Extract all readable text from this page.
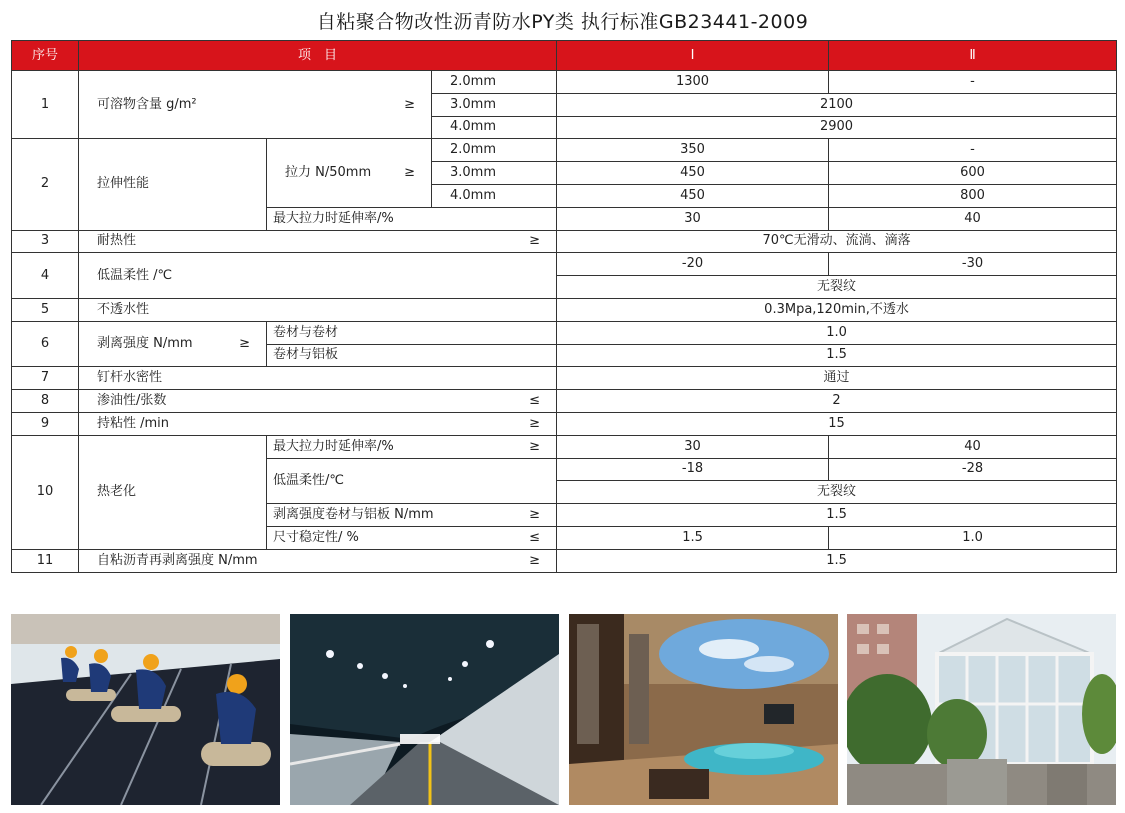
自粘聚合物改性沥青防水PY类 执行标准GB23441-2009
序号	项　目			Ⅰ	Ⅱ
1	可溶物含量 g/m² ≥		2.0mm	1300	-
			3.0mm	2100	
			4.0mm	2900	
2	拉伸性能	拉力 N/50mm ≥	2.0mm	350	-
			3.0mm	450	600
			4.0mm	450	800
		最大拉力时延伸率/%		30	40
3	耐热性 ≥			70℃无滑动、流淌、滴落	
4	低温柔性 /℃			-20	-30
				无裂纹	
5	不透水性			0.3Mpa,120min,不透水	
6	剥离强度 N/mm ≥	卷材与卷材		1.0	
		卷材与铝板		1.5	
7	钉杆水密性			通过	
8	渗油性/张数 ≤			2	
9	持粘性 /min ≥			15	
10	热老化	最大拉力时延伸率/% ≥		30	40
		低温柔性/℃		-18	-28
				无裂纹	
		剥离强度卷材与铝板 N/mm ≥		1.5	
		尺寸稳定性/ % ≤		1.5	1.0
11	自粘沥青再剥离强度 N/mm ≥			1.5	
